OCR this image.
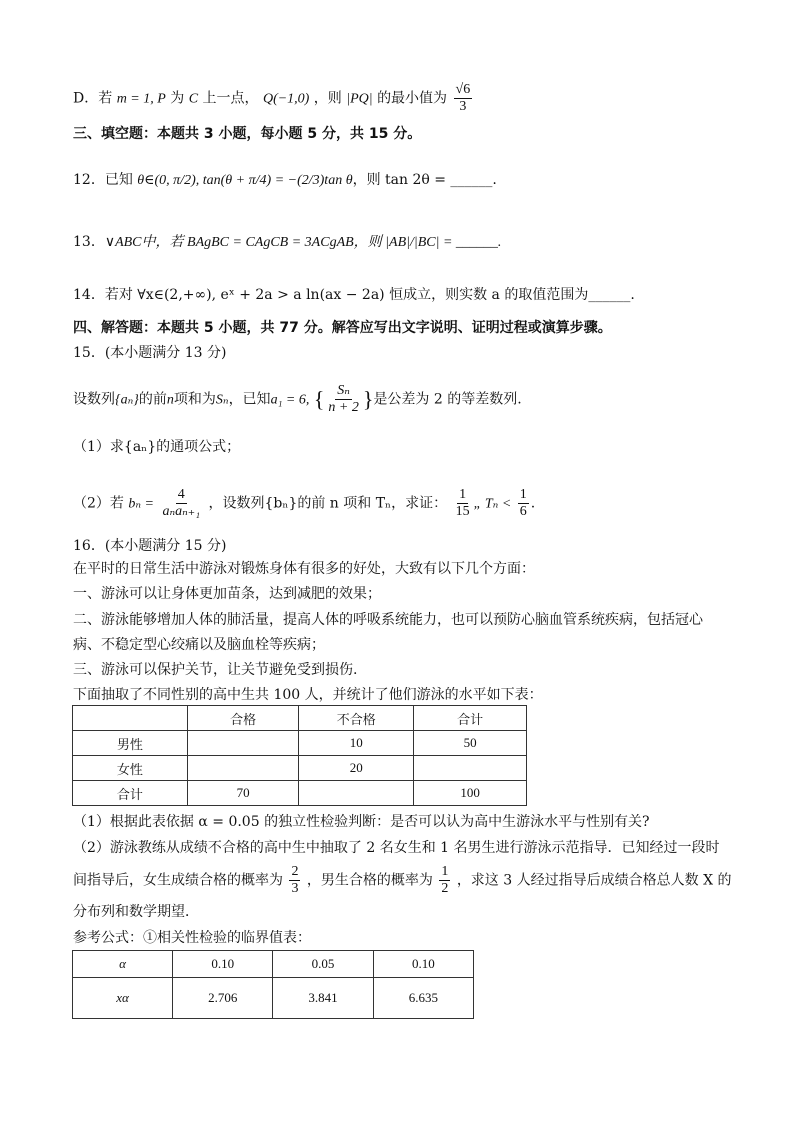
D．若 m = 1, P 为 C 上一点， Q(−1,0) ，则 |PQ| 的最小值为 $\frac{√6}{3}$
三、填空题：本题共 3 小题，每小题 5 分，共 15 分。
12．已知 θ∈(0, π/2), tan(θ + π/4) = −(2/3)tan θ，则 tan 2θ = ______.
13．∨ABC中，若 BAgBC = CAgCB = 3ACgAB，则 |AB|/|BC| = ______.
14．若对 ∀x∈(2,+∞), eˣ + 2a > a ln(ax − 2a) 恒成立，则实数 a 的取值范围为______.
四、解答题：本题共 5 小题，共 77 分。解答应写出文字说明、证明过程或演算步骤。
15．(本小题满分 13 分)
设数列{aₙ}的前n项和为Sₙ，已知a₁ = 6, { $\frac{\text{Sₙ}}{n + 2}$ }是公差为 2 的等差数列.
（1）求{aₙ}的通项公式；
（2）若 $b_n = \frac{4}{\text{aₙaₙ₊₁}}$ ，设数列{bₙ}的前 n 项和 Tₙ，求证： $\frac{1}{15}$ „ $T_n < \frac{1}{6}$ .
16．(本小题满分 15 分)
在平时的日常生活中游泳对锻炼身体有很多的好处，大致有以下几个方面：
一、游泳可以让身体更加苗条，达到减肥的效果；
二、游泳能够增加人体的肺活量，提高人体的呼吸系统能力，也可以预防心脑血管系统疾病，包括冠心
病、不稳定型心绞痛以及脑血栓等疾病；
三、游泳可以保护关节，让关节避免受到损伤.
下面抽取了不同性别的高中生共 100 人，并统计了他们游泳的水平如下表：
	合格	不合格	合计
男性		10	50
女性		20	
合计	70		100
（1）根据此表依据 α = 0.05 的独立性检验判断：是否可以认为高中生游泳水平与性别有关?
（2）游泳教练从成绩不合格的高中生中抽取了 2 名女生和 1 名男生进行游泳示范指导．已知经过一段时
间指导后，女生成绩合格的概率为 $\frac{2}{3}$ ，男生合格的概率为 $\frac{1}{2}$ ，求这 3 人经过指导后成绩合格总人数 X 的
分布列和数学期望．
参考公式：①相关性检验的临界值表：
α	0.10	0.05	0.10
xα	2.706	3.841	6.635
